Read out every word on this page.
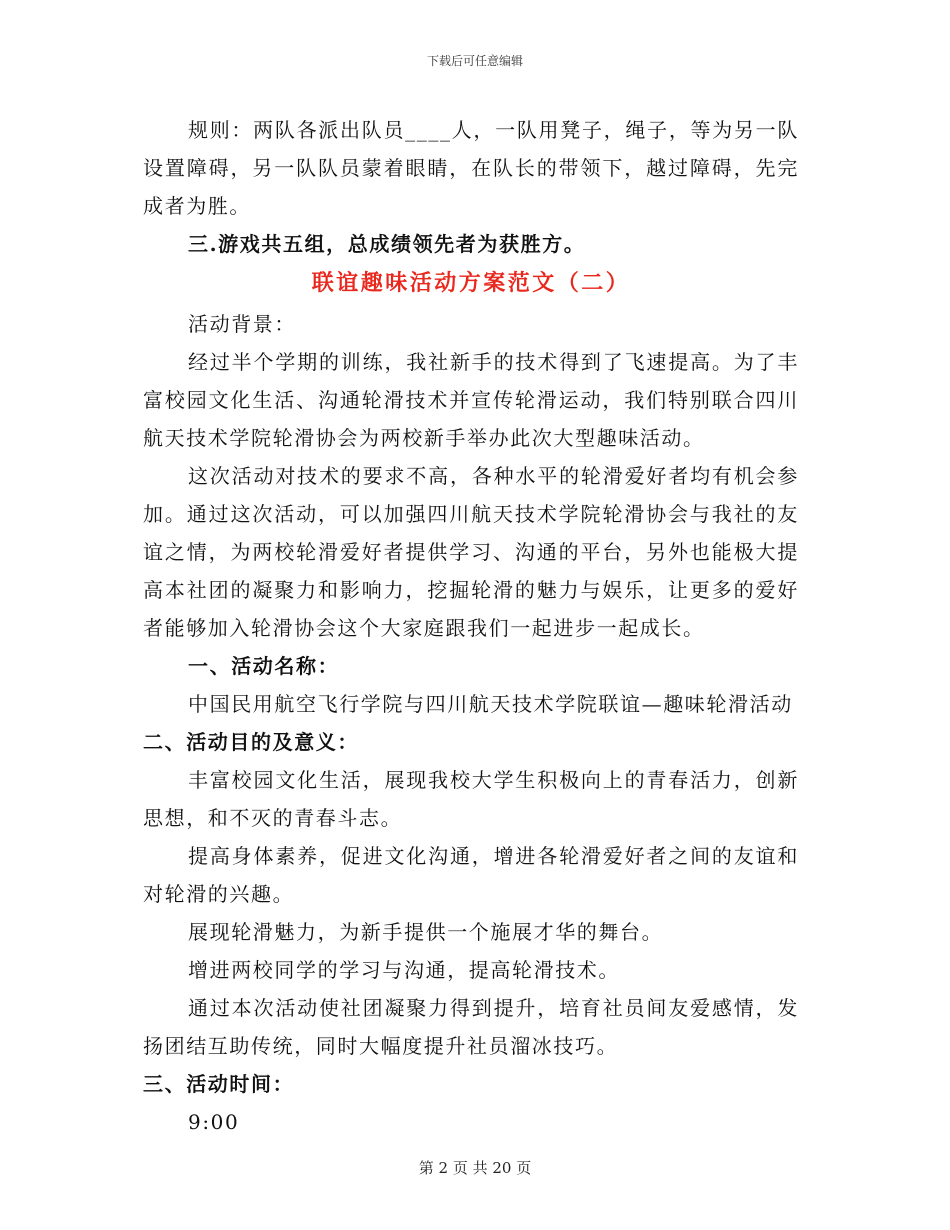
下载后可任意编辑

规则：两队各派出队员____人，一队用凳子，绳子，等为另一队设置障碍，另一队队员蒙着眼睛，在队长的带领下，越过障碍，先完成者为胜。

三.游戏共五组，总成绩领先者为获胜方。

联谊趣味活动方案范文（二）

活动背景：

经过半个学期的训练，我社新手的技术得到了飞速提高。为了丰富校园文化生活、沟通轮滑技术并宣传轮滑运动，我们特别联合四川航天技术学院轮滑协会为两校新手举办此次大型趣味活动。

这次活动对技术的要求不高，各种水平的轮滑爱好者均有机会参加。通过这次活动，可以加强四川航天技术学院轮滑协会与我社的友谊之情，为两校轮滑爱好者提供学习、沟通的平台，另外也能极大提高本社团的凝聚力和影响力，挖掘轮滑的魅力与娱乐，让更多的爱好者能够加入轮滑协会这个大家庭跟我们一起进步一起成长。

一、活动名称：

中国民用航空飞行学院与四川航天技术学院联谊—趣味轮滑活动

二、活动目的及意义：

丰富校园文化生活，展现我校大学生积极向上的青春活力，创新思想，和不灭的青春斗志。

提高身体素养，促进文化沟通，增进各轮滑爱好者之间的友谊和对轮滑的兴趣。

展现轮滑魅力，为新手提供一个施展才华的舞台。

增进两校同学的学习与沟通，提高轮滑技术。

通过本次活动使社团凝聚力得到提升，培育社员间友爱感情，发扬团结互助传统，同时大幅度提升社员溜冰技巧。

三、活动时间：

9:00

第 2 页 共 20 页
